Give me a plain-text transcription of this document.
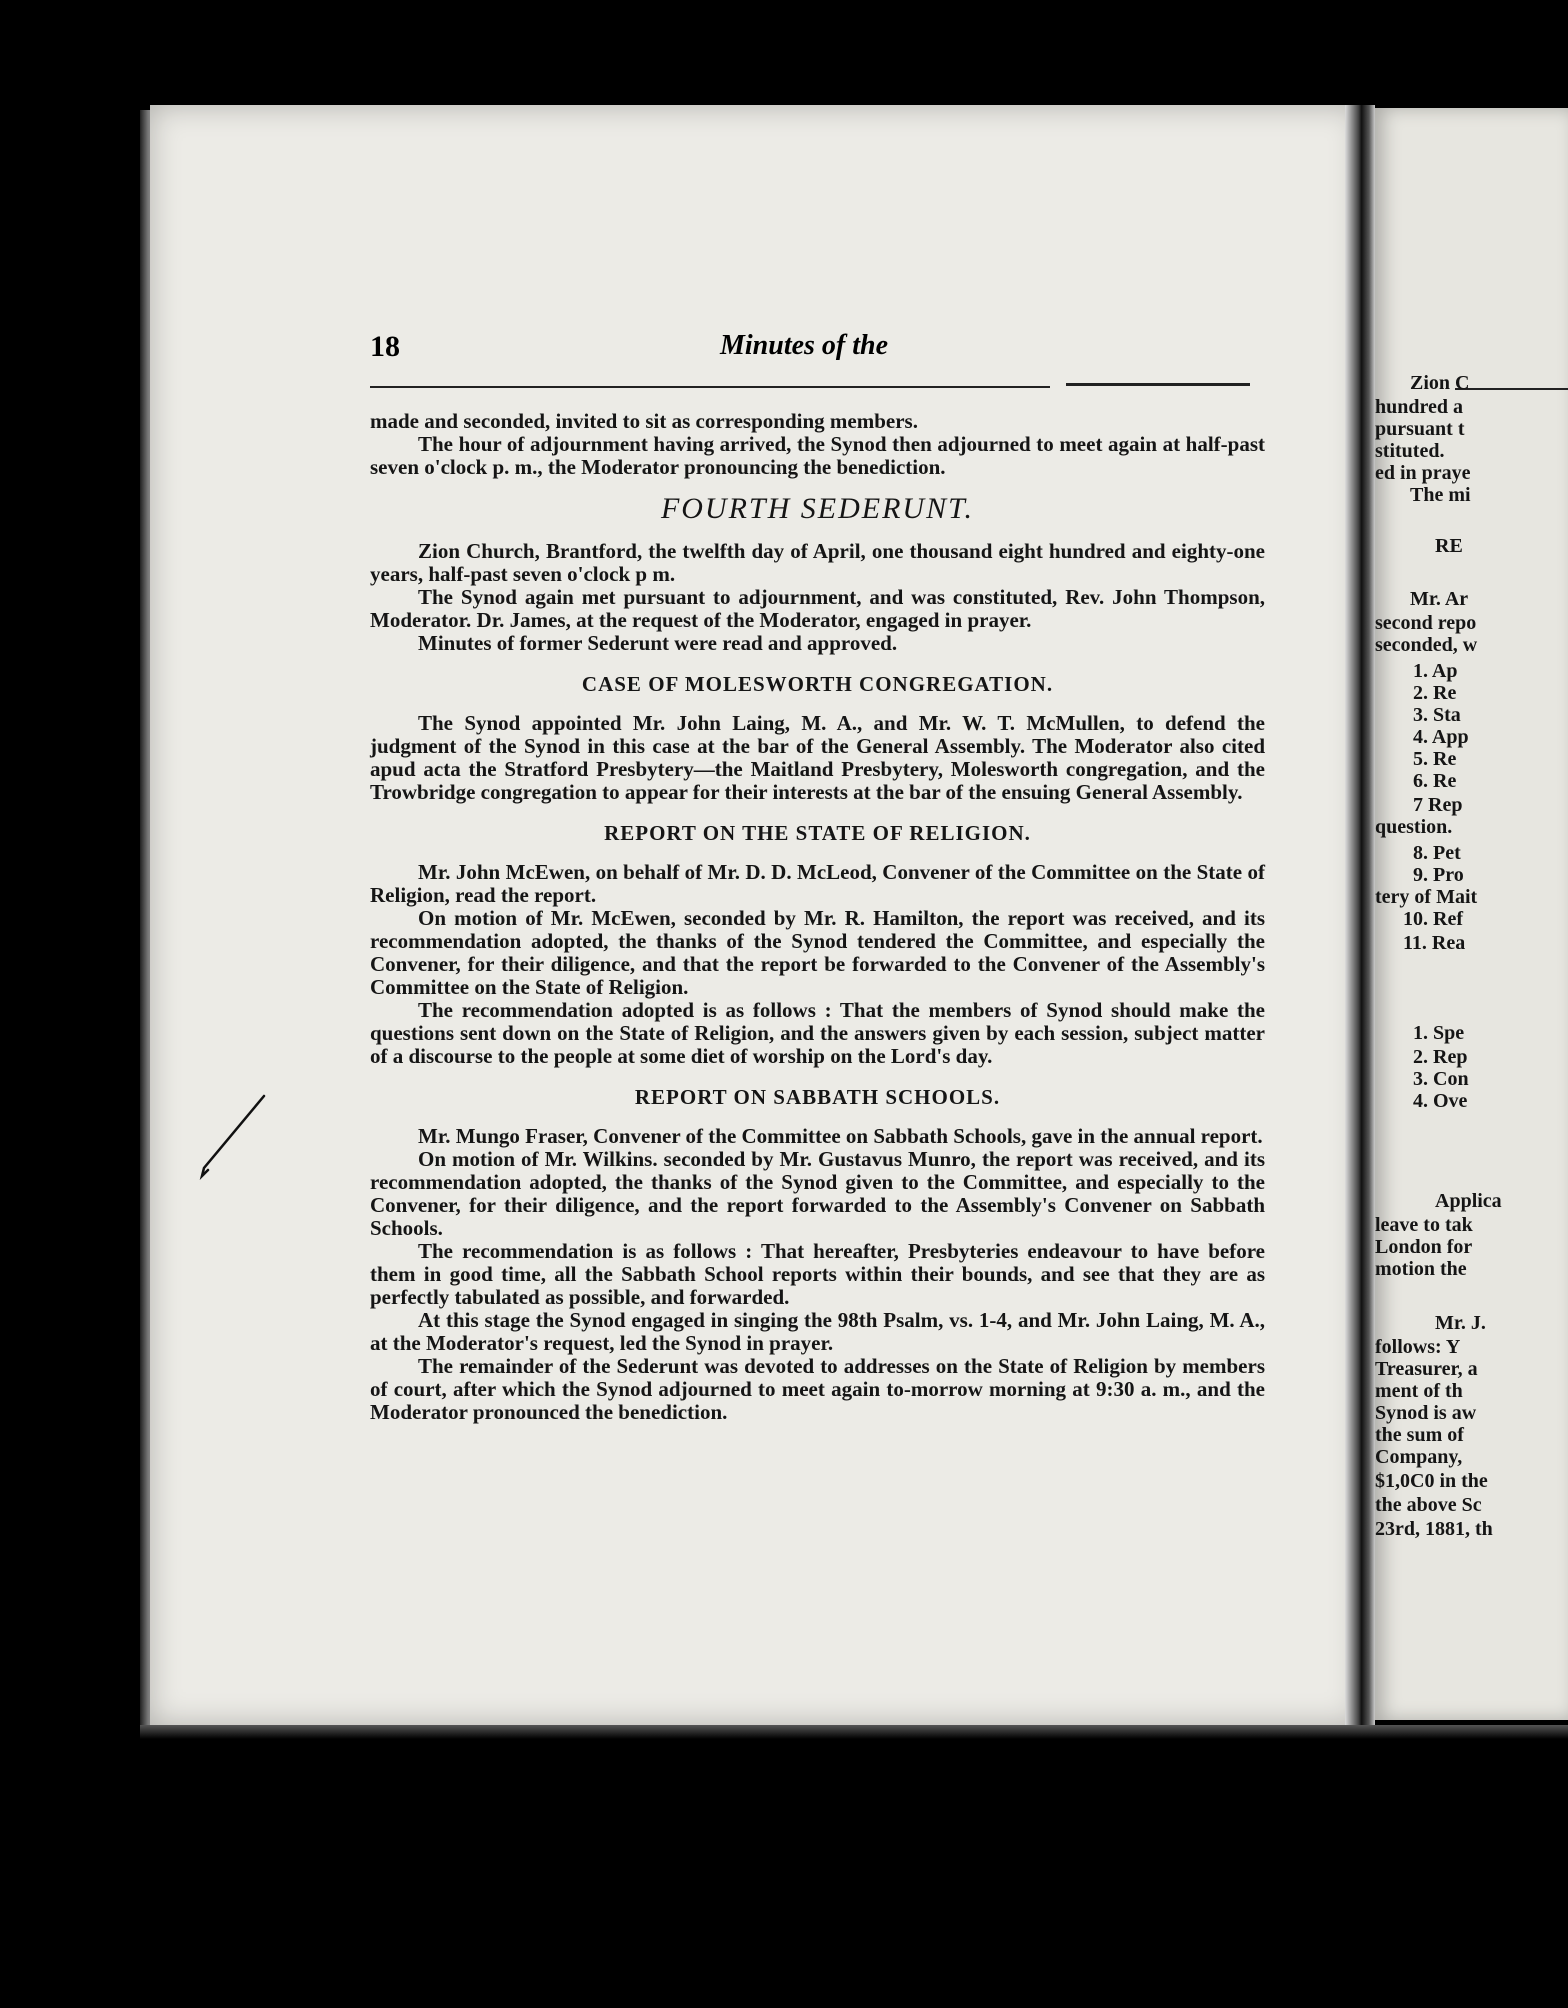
18	Minutes of the

made and seconded, invited to sit as corresponding members.

The hour of adjournment having arrived, the Synod then adjourned to meet again at half-past seven o'clock p. m., the Moderator pronouncing the benediction.

FOURTH SEDERUNT.

Zion Church, Brantford, the twelfth day of April, one thousand eight hundred and eighty-one years, half-past seven o'clock p m.

The Synod again met pursuant to adjournment, and was constituted, Rev. John Thompson, Moderator. Dr. James, at the request of the Moderator, engaged in prayer.

Minutes of former Sederunt were read and approved.

CASE OF MOLESWORTH CONGREGATION.

The Synod appointed Mr. John Laing, M. A., and Mr. W. T. McMullen, to defend the judgment of the Synod in this case at the bar of the General Assembly. The Moderator also cited apud acta the Stratford Presbytery—the Maitland Presbytery, Molesworth congregation, and the Trowbridge congregation to appear for their interests at the bar of the ensuing General Assembly.

REPORT ON THE STATE OF RELIGION.

Mr. John McEwen, on behalf of Mr. D. D. McLeod, Convener of the Committee on the State of Religion, read the report.

On motion of Mr. McEwen, seconded by Mr. R. Hamilton, the report was received, and its recommendation adopted, the thanks of the Synod tendered the Committee, and especially the Convener, for their diligence, and that the report be forwarded to the Convener of the Assembly's Committee on the State of Religion.

The recommendation adopted is as follows : That the members of Synod should make the questions sent down on the State of Religion, and the answers given by each session, subject matter of a discourse to the people at some diet of worship on the Lord's day.

REPORT ON SABBATH SCHOOLS.

Mr. Mungo Fraser, Convener of the Committee on Sabbath Schools, gave in the annual report.

On motion of Mr. Wilkins. seconded by Mr. Gustavus Munro, the report was received, and its recommendation adopted, the thanks of the Synod given to the Committee, and especially to the Convener, for their diligence, and the report forwarded to the Assembly's Convener on Sabbath Schools.

The recommendation is as follows : That hereafter, Presbyteries endeavour to have before them in good time, all the Sabbath School reports within their bounds, and see that they are as perfectly tabulated as possible, and forwarded.

At this stage the Synod engaged in singing the 98th Psalm, vs. 1-4, and Mr. John Laing, M. A., at the Moderator's request, led the Synod in prayer.

The remainder of the Sederunt was devoted to addresses on the State of Religion by members of court, after which the Synod adjourned to meet again to-morrow morning at 9:30 a. m., and the Moderator pronounced the benediction.

Zion C
hundred a
pursuant t
stituted.
ed in praye
The mi
RE
Mr. Ar
second repo
seconded, w
1. Ap
2. Re
3. Sta
4. App
5. Re
6. Re
7 Rep
question.
8. Pet
9. Pro
tery of Mait
10. Ref
11. Rea
1. Spe
2. Rep
3. Con
4. Ove
Applica
leave to tak
London for
motion the
Mr. J.
follows: Y
Treasurer, a
ment of th
Synod is aw
the sum of
Company,
$1,0C0 in the
the above Sc
23rd, 1881, th
